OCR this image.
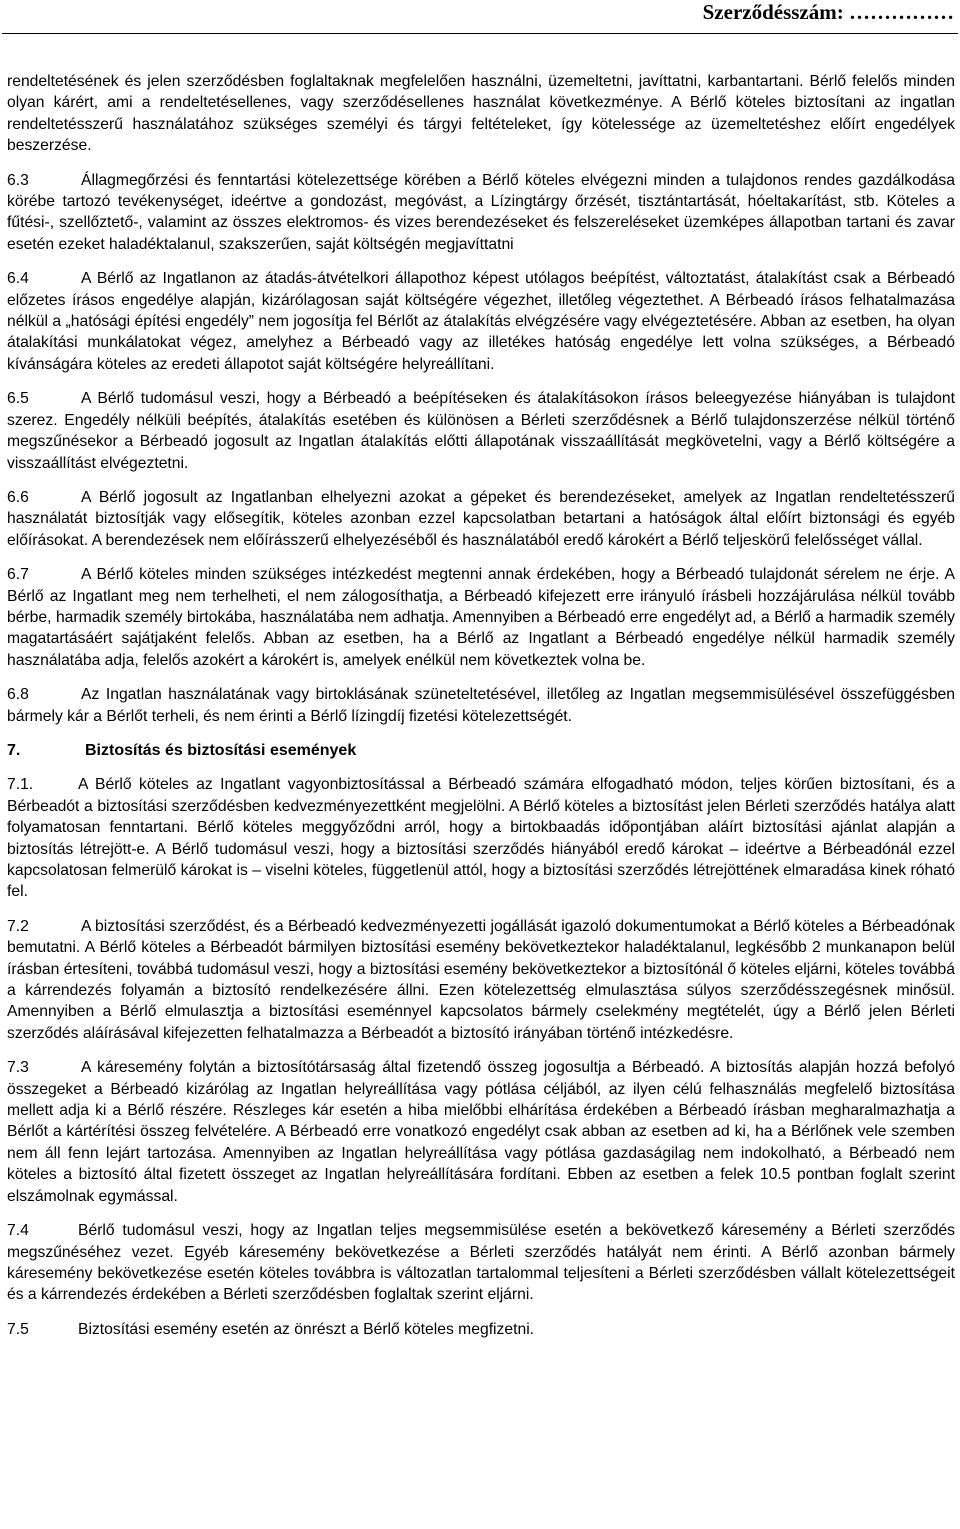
Szerződésszám: ……………

rendeltetésének és jelen szerződésben foglaltaknak megfelelően használni, üzemeltetni, javíttatni, karbantartani. Bérlő felelős minden olyan kárért, ami a rendeltetésellenes, vagy szerződésellenes használat következménye. A Bérlő köteles biztosítani az ingatlan rendeltetésszerű használatához szükséges személyi és tárgyi feltételeket, így kötelessége az üzemeltetéshez előírt engedélyek beszerzése.

6.3	Állagmegőrzési és fenntartási kötelezettsége körében a Bérlő köteles elvégezni minden a tulajdonos rendes gazdálkodása körébe tartozó tevékenységet, ideértve a gondozást, megóvást, a Lízingtárgy őrzését, tisztántartását, hóeltakarítást, stb. Köteles a fűtési-, szellőztető-, valamint az összes elektromos- és vizes berendezéseket és felszereléseket üzemképes állapotban tartani és zavar esetén ezeket haladéktalanul, szakszerűen, saját költségén megjavíttatni

6.4	A Bérlő az Ingatlanon az átadás-átvételkori állapothoz képest utólagos beépítést, változtatást, átalakítást csak a Bérbeadó előzetes írásos engedélye alapján, kizárólagosan saját költségére végezhet, illetőleg végeztethet. A Bérbeadó írásos felhatalmazása nélkül a „hatósági építési engedély” nem jogosítja fel Bérlőt az átalakítás elvégzésére vagy elvégeztetésére. Abban az esetben, ha olyan átalakítási munkálatokat végez, amelyhez a Bérbeadó vagy az illetékes hatóság engedélye lett volna szükséges, a Bérbeadó kívánságára köteles az eredeti állapotot saját költségére helyreállítani.

6.5	A Bérlő tudomásul veszi, hogy a Bérbeadó a beépítéseken és átalakításokon írásos beleegyezése hiányában is tulajdont szerez. Engedély nélküli beépítés, átalakítás esetében és különösen a Bérleti szerződésnek a Bérlő tulajdonszerzése nélkül történő megszűnésekor a Bérbeadó jogosult az Ingatlan átalakítás előtti állapotának visszaállítását megkövetelni, vagy a Bérlő költségére a visszaállítást elvégeztetni.

6.6	A Bérlő jogosult az Ingatlanban elhelyezni azokat a gépeket és berendezéseket, amelyek az Ingatlan rendeltetésszerű használatát biztosítják vagy elősegítik, köteles azonban ezzel kapcsolatban betartani a hatóságok által előírt biztonsági és egyéb előírásokat. A berendezések nem előírásszerű elhelyezéséből és használatából eredő károkért a Bérlő teljeskörű felelősséget vállal.

6.7	A Bérlő köteles minden szükséges intézkedést megtenni annak érdekében, hogy a Bérbeadó tulajdonát sérelem ne érje. A Bérlő az Ingatlant meg nem terhelheti, el nem zálogosíthatja, a Bérbeadó kifejezett erre irányuló írásbeli hozzájárulása nélkül tovább bérbe, harmadik személy birtokába, használatába nem adhatja. Amennyiben a Bérbeadó erre engedélyt ad, a Bérlő a harmadik személy magatartásáért sajátjaként felelős. Abban az esetben, ha a Bérlő az Ingatlant a Bérbeadó engedélye nélkül harmadik személy használatába adja, felelős azokért a károkért is, amelyek enélkül nem következtek volna be.

6.8	Az Ingatlan használatának vagy birtoklásának szüneteltetésével, illetőleg az Ingatlan megsemmisülésével összefüggésben bármely kár a Bérlőt terheli, és nem érinti a Bérlő lízingdíj fizetési kötelezettségét.

7.	Biztosítás és biztosítási események

7.1.	A Bérlő köteles az Ingatlant vagyonbiztosítással a Bérbeadó számára elfogadható módon, teljes körűen biztosítani, és a Bérbeadót a biztosítási szerződésben kedvezményezettként megjelölni. A Bérlő köteles a biztosítást jelen Bérleti szerződés hatálya alatt folyamatosan fenntartani. Bérlő köteles meggyőződni arról, hogy a birtokbaadás időpontjában aláírt biztosítási ajánlat alapján a biztosítás létrejött-e. A Bérlő tudomásul veszi, hogy a biztosítási szerződés hiányából eredő károkat – ideértve a Bérbeadónál ezzel kapcsolatosan felmerülő károkat is – viselni köteles, függetlenül attól, hogy a biztosítási szerződés létrejöttének elmaradása kinek róható fel.

7.2	A biztosítási szerződést, és a Bérbeadó kedvezményezetti jogállását igazoló dokumentumokat a Bérlő köteles a Bérbeadónak bemutatni. A Bérlő köteles a Bérbeadót bármilyen biztosítási esemény bekövetkeztekor haladéktalanul, legkésőbb 2 munkanapon belül írásban értesíteni, továbbá tudomásul veszi, hogy a biztosítási esemény bekövetkeztekor a biztosítónál ő köteles eljárni, köteles továbbá a kárrendezés folyamán a biztosító rendelkezésére állni. Ezen kötelezettség elmulasztása súlyos szerződésszegésnek minősül. Amennyiben a Bérlő elmulasztja a biztosítási eseménnyel kapcsolatos bármely cselekmény megtételét, úgy a Bérlő jelen Bérleti szerződés aláírásával kifejezetten felhatalmazza a Bérbeadót a biztosító irányában történő intézkedésre.

7.3	A káresemény folytán a biztosítótársaság által fizetendő összeg jogosultja a Bérbeadó. A biztosítás alapján hozzá befolyó összegeket a Bérbeadó kizárólag az Ingatlan helyreállítása vagy pótlása céljából, az ilyen célú felhasználás megfelelő biztosítása mellett adja ki a Bérlő részére. Részleges kár esetén a hiba mielőbbi elhárítása érdekében a Bérbeadó írásban megharalmazhatja a Bérlőt a kártérítési összeg felvételére. A Bérbeadó erre vonatkozó engedélyt csak abban az esetben ad ki, ha a Bérlőnek vele szemben nem áll fenn lejárt tartozása. Amennyiben az Ingatlan helyreállítása vagy pótlása gazdaságilag nem indokolható, a Bérbeadó nem köteles a biztosító által fizetett összeget az Ingatlan helyreállítására fordítani. Ebben az esetben a felek 10.5 pontban foglalt szerint elszámolnak egymással.

7.4	Bérlő tudomásul veszi, hogy az Ingatlan teljes megsemmisülése esetén a bekövetkező káresemény a Bérleti szerződés megszűnéséhez vezet. Egyéb káresemény bekövetkezése a Bérleti szerződés hatályát nem érinti. A Bérlő azonban bármely káresemény bekövetkezése esetén köteles továbbra is változatlan tartalommal teljesíteni a Bérleti szerződésben vállalt kötelezettségeit és a kárrendezés érdekében a Bérleti szerződésben foglaltak szerint eljárni.

7.5	Biztosítási esemény esetén az önrészt a Bérlő köteles megfizetni.
